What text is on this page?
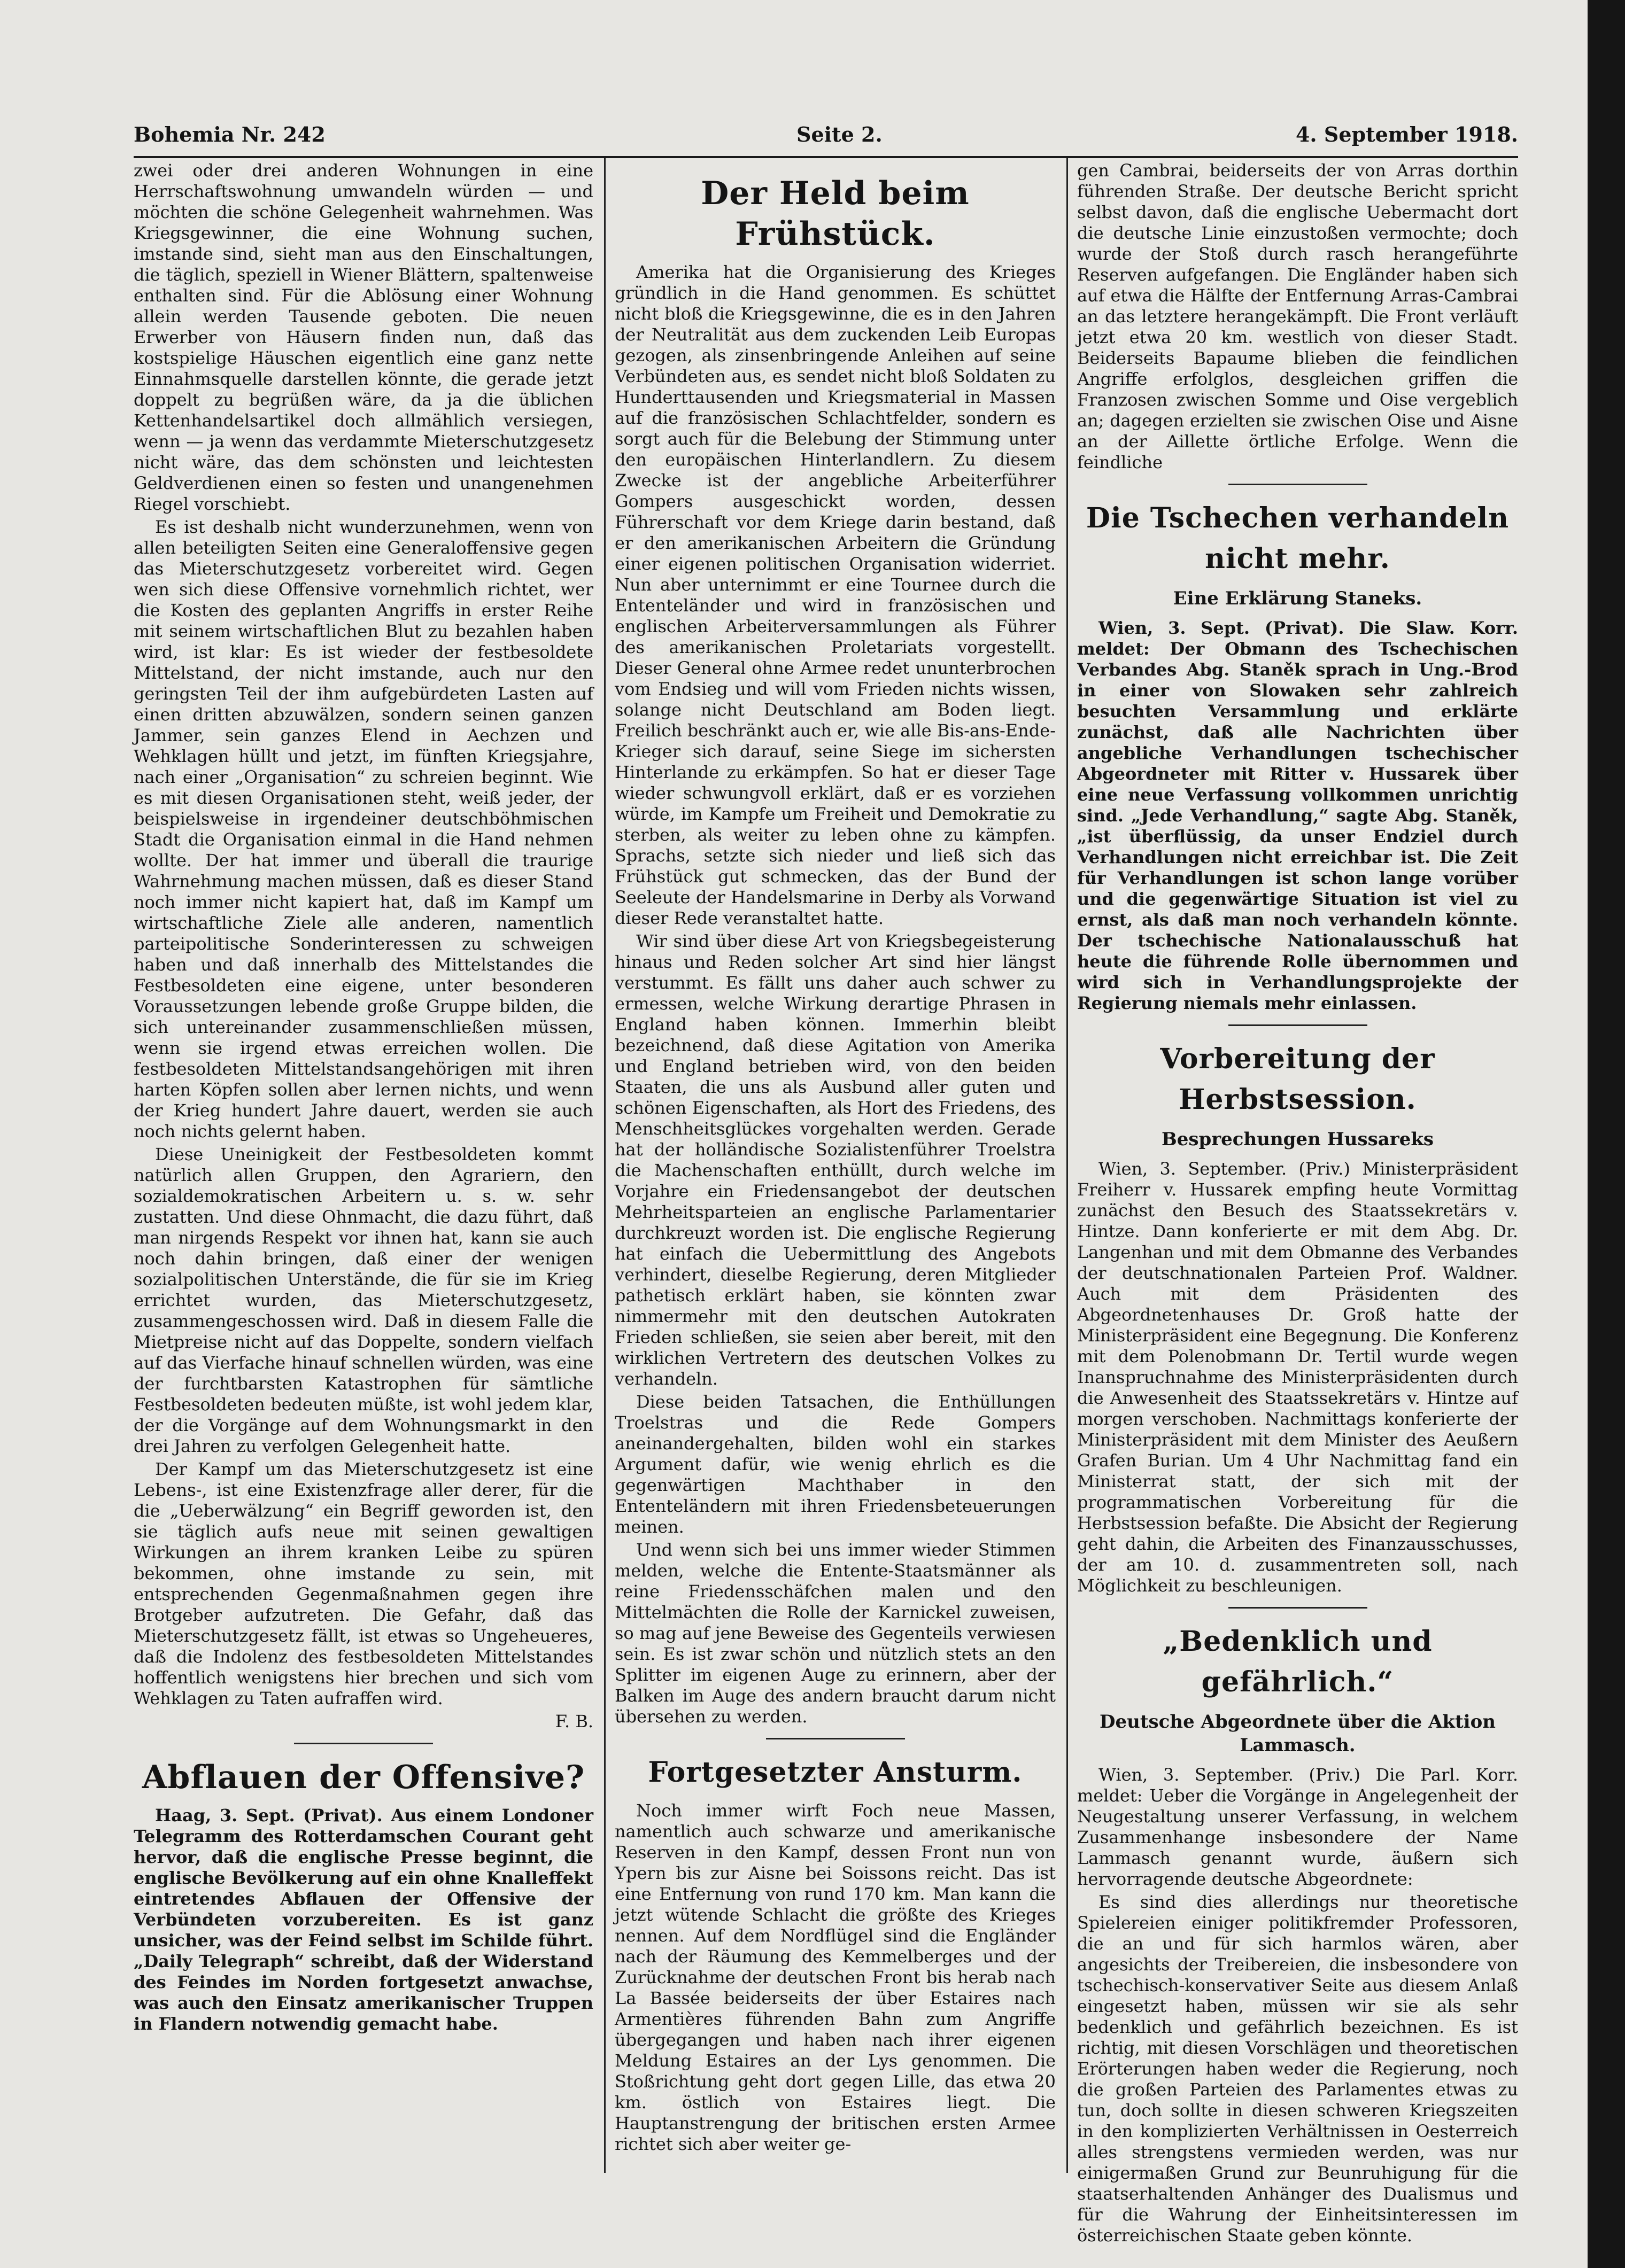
Bohemia Nr. 242	Seite 2.	4. September 1918.

zwei oder drei anderen Wohnungen in eine Herrschaftswohnung umwandeln würden — und möchten die schöne Gelegenheit wahrnehmen. Was Kriegsgewinner, die eine Wohnung suchen, imstande sind, sieht man aus den Einschaltungen, die täglich, speziell in Wiener Blättern, spaltenweise enthalten sind. Für die Ablösung einer Wohnung allein werden Tausende geboten. Die neuen Erwerber von Häusern finden nun, daß das kostspielige Häuschen eigentlich eine ganz nette Einnahmsquelle darstellen könnte, die gerade jetzt doppelt zu begrüßen wäre, da ja die üblichen Kettenhandelsartikel doch allmählich versiegen, wenn — ja wenn das verdammte Mieterschutzgesetz nicht wäre, das dem schönsten und leichtesten Geldverdienen einen so festen und unangenehmen Riegel vorschiebt.

Es ist deshalb nicht wunderzunehmen, wenn von allen beteiligten Seiten eine Generaloffensive gegen das Mieterschutzgesetz vorbereitet wird. Gegen wen sich diese Offensive vornehmlich richtet, wer die Kosten des geplanten Angriffs in erster Reihe mit seinem wirtschaftlichen Blut zu bezahlen haben wird, ist klar: Es ist wieder der festbesoldete Mittelstand, der nicht imstande, auch nur den geringsten Teil der ihm aufgebürdeten Lasten auf einen dritten abzuwälzen, sondern seinen ganzen Jammer, sein ganzes Elend in Aechzen und Wehklagen hüllt und jetzt, im fünften Kriegsjahre, nach einer „Organisation“ zu schreien beginnt. Wie es mit diesen Organisationen steht, weiß jeder, der beispielsweise in irgendeiner deutschböhmischen Stadt die Organisation einmal in die Hand nehmen wollte. Der hat immer und überall die traurige Wahrnehmung machen müssen, daß es dieser Stand noch immer nicht kapiert hat, daß im Kampf um wirtschaftliche Ziele alle anderen, namentlich parteipolitische Sonderinteressen zu schweigen haben und daß innerhalb des Mittelstandes die Festbesoldeten eine eigene, unter besonderen Voraussetzungen lebende große Gruppe bilden, die sich untereinander zusammenschließen müssen, wenn sie irgend etwas erreichen wollen. Die festbesoldeten Mittelstandsangehörigen mit ihren harten Köpfen sollen aber lernen nichts, und wenn der Krieg hundert Jahre dauert, werden sie auch noch nichts gelernt haben.

Diese Uneinigkeit der Festbesoldeten kommt natürlich allen Gruppen, den Agrariern, den sozialdemokratischen Arbeitern u. s. w. sehr zustatten. Und diese Ohnmacht, die dazu führt, daß man nirgends Respekt vor ihnen hat, kann sie auch noch dahin bringen, daß einer der wenigen sozialpolitischen Unterstände, die für sie im Krieg errichtet wurden, das Mieterschutzgesetz, zusammengeschossen wird. Daß in diesem Falle die Mietpreise nicht auf das Doppelte, sondern vielfach auf das Vierfache hinauf schnellen würden, was eine der furchtbarsten Katastrophen für sämtliche Festbesoldeten bedeuten müßte, ist wohl jedem klar, der die Vorgänge auf dem Wohnungsmarkt in den drei Jahren zu verfolgen Gelegenheit hatte.

Der Kampf um das Mieterschutzgesetz ist eine Lebens-, ist eine Existenzfrage aller derer, für die die „Ueberwälzung“ ein Begriff geworden ist, den sie täglich aufs neue mit seinen gewaltigen Wirkungen an ihrem kranken Leibe zu spüren bekommen, ohne imstande zu sein, mit entsprechenden Gegenmaßnahmen gegen ihre Brotgeber aufzutreten. Die Gefahr, daß das Mieterschutzgesetz fällt, ist etwas so Ungeheueres, daß die Indolenz des festbesoldeten Mittelstandes hoffentlich wenigstens hier brechen und sich vom Wehklagen zu Taten aufraffen wird.

F. B.
Abflauen der Offensive?

Haag, 3. Sept. (Privat). Aus einem Londoner Telegramm des Rotterdamschen Courant geht hervor, daß die englische Presse beginnt, die englische Bevölkerung auf ein ohne Knalleffekt eintretendes Abflauen der Offensive der Verbündeten vorzubereiten. Es ist ganz unsicher, was der Feind selbst im Schilde führt. „Daily Telegraph“ schreibt, daß der Widerstand des Feindes im Norden fortgesetzt anwachse, was auch den Einsatz amerikanischer Truppen in Flandern notwendig gemacht habe.

Der Held beim Frühstück.

Amerika hat die Organisierung des Krieges gründlich in die Hand genommen. Es schüttet nicht bloß die Kriegsgewinne, die es in den Jahren der Neutralität aus dem zuckenden Leib Europas gezogen, als zinsenbringende Anleihen auf seine Verbündeten aus, es sendet nicht bloß Soldaten zu Hunderttausenden und Kriegsmaterial in Massen auf die französischen Schlachtfelder, sondern es sorgt auch für die Belebung der Stimmung unter den europäischen Hinterlandlern. Zu diesem Zwecke ist der angebliche Arbeiterführer Gompers ausgeschickt worden, dessen Führerschaft vor dem Kriege darin bestand, daß er den amerikanischen Arbeitern die Gründung einer eigenen politischen Organisation widerriet. Nun aber unternimmt er eine Tournee durch die Ententeländer und wird in französischen und englischen Arbeiterversammlungen als Führer des amerikanischen Proletariats vorgestellt. Dieser General ohne Armee redet ununterbrochen vom Endsieg und will vom Frieden nichts wissen, solange nicht Deutschland am Boden liegt. Freilich beschränkt auch er, wie alle Bis-ans-Ende-Krieger sich darauf, seine Siege im sichersten Hinterlande zu erkämpfen. So hat er dieser Tage wieder schwungvoll erklärt, daß er es vorziehen würde, im Kampfe um Freiheit und Demokratie zu sterben, als weiter zu leben ohne zu kämpfen. Sprachs, setzte sich nieder und ließ sich das Frühstück gut schmecken, das der Bund der Seeleute der Handelsmarine in Derby als Vorwand dieser Rede veranstaltet hatte.

Wir sind über diese Art von Kriegsbegeisterung hinaus und Reden solcher Art sind hier längst verstummt. Es fällt uns daher auch schwer zu ermessen, welche Wirkung derartige Phrasen in England haben können. Immerhin bleibt bezeichnend, daß diese Agitation von Amerika und England betrieben wird, von den beiden Staaten, die uns als Ausbund aller guten und schönen Eigenschaften, als Hort des Friedens, des Menschheitsglückes vorgehalten werden. Gerade hat der holländische Sozialistenführer Troelstra die Machenschaften enthüllt, durch welche im Vorjahre ein Friedensangebot der deutschen Mehrheitsparteien an englische Parlamentarier durchkreuzt worden ist. Die englische Regierung hat einfach die Uebermittlung des Angebots verhindert, dieselbe Regierung, deren Mitglieder pathetisch erklärt haben, sie könnten zwar nimmermehr mit den deutschen Autokraten Frieden schließen, sie seien aber bereit, mit den wirklichen Vertretern des deutschen Volkes zu verhandeln.

Diese beiden Tatsachen, die Enthüllungen Troelstras und die Rede Gompers aneinandergehalten, bilden wohl ein starkes Argument dafür, wie wenig ehrlich es die gegenwärtigen Machthaber in den Ententeländern mit ihren Friedensbeteuerungen meinen.

Und wenn sich bei uns immer wieder Stimmen melden, welche die Entente-Staatsmänner als reine Friedensschäfchen malen und den Mittelmächten die Rolle der Karnickel zuweisen, so mag auf jene Beweise des Gegenteils verwiesen sein. Es ist zwar schön und nützlich stets an den Splitter im eigenen Auge zu erinnern, aber der Balken im Auge des andern braucht darum nicht übersehen zu werden.

Fortgesetzter Ansturm.

Noch immer wirft Foch neue Massen, namentlich auch schwarze und amerikanische Reserven in den Kampf, dessen Front nun von Ypern bis zur Aisne bei Soissons reicht. Das ist eine Entfernung von rund 170 km. Man kann die jetzt wütende Schlacht die größte des Krieges nennen. Auf dem Nordflügel sind die Engländer nach der Räumung des Kemmelberges und der Zurücknahme der deutschen Front bis herab nach La Bassée beiderseits der über Estaires nach Armentières führenden Bahn zum Angriffe übergegangen und haben nach ihrer eigenen Meldung Estaires an der Lys genommen. Die Stoßrichtung geht dort gegen Lille, das etwa 20 km. östlich von Estaires liegt. Die Hauptanstrengung der britischen ersten Armee richtet sich aber weiter ge-

gen Cambrai, beiderseits der von Arras dorthin führenden Straße. Der deutsche Bericht spricht selbst davon, daß die englische Uebermacht dort die deutsche Linie einzustoßen vermochte; doch wurde der Stoß durch rasch herangeführte Reserven aufgefangen. Die Engländer haben sich auf etwa die Hälfte der Entfernung Arras-Cambrai an das letztere herangekämpft. Die Front verläuft jetzt etwa 20 km. westlich von dieser Stadt. Beiderseits Bapaume blieben die feindlichen Angriffe erfolglos, desgleichen griffen die Franzosen zwischen Somme und Oise vergeblich an; dagegen erzielten sie zwischen Oise und Aisne an der Aillette örtliche Erfolge. Wenn die feindliche

Die Tschechen verhandeln nicht mehr.
Eine Erklärung Staneks.

Wien, 3. Sept. (Privat). Die Slaw. Korr. meldet: Der Obmann des Tschechischen Verbandes Abg. Staněk sprach in Ung.-Brod in einer von Slowaken sehr zahlreich besuchten Versammlung und erklärte zunächst, daß alle Nachrichten über angebliche Verhandlungen tschechischer Abgeordneter mit Ritter v. Hussarek über eine neue Verfassung vollkommen unrichtig sind. „Jede Verhandlung,“ sagte Abg. Staněk, „ist überflüssig, da unser Endziel durch Verhandlungen nicht erreichbar ist. Die Zeit für Verhandlungen ist schon lange vorüber und die gegenwärtige Situation ist viel zu ernst, als daß man noch verhandeln könnte. Der tschechische Nationalausschuß hat heute die führende Rolle übernommen und wird sich in Verhandlungsprojekte der Regierung niemals mehr einlassen.

Vorbereitung der Herbstsession.
Besprechungen Hussareks

Wien, 3. September. (Priv.) Ministerpräsident Freiherr v. Hussarek empfing heute Vormittag zunächst den Besuch des Staatssekretärs v. Hintze. Dann konferierte er mit dem Abg. Dr. Langenhan und mit dem Obmanne des Verbandes der deutschnationalen Parteien Prof. Waldner. Auch mit dem Präsidenten des Abgeordnetenhauses Dr. Groß hatte der Ministerpräsident eine Begegnung. Die Konferenz mit dem Polenobmann Dr. Tertil wurde wegen Inanspruchnahme des Ministerpräsidenten durch die Anwesenheit des Staatssekretärs v. Hintze auf morgen verschoben. Nachmittags konferierte der Ministerpräsident mit dem Minister des Aeußern Grafen Burian. Um 4 Uhr Nachmittag fand ein Ministerrat statt, der sich mit der programmatischen Vorbereitung für die Herbstsession befaßte. Die Absicht der Regierung geht dahin, die Arbeiten des Finanzausschusses, der am 10. d. zusammentreten soll, nach Möglichkeit zu beschleunigen.

„Bedenklich und gefährlich.“
Deutsche Abgeordnete über die Aktion Lammasch.

Wien, 3. September. (Priv.) Die Parl. Korr. meldet: Ueber die Vorgänge in Angelegenheit der Neugestaltung unserer Verfassung, in welchem Zusammenhange insbesondere der Name Lammasch genannt wurde, äußern sich hervorragende deutsche Abgeordnete:

Es sind dies allerdings nur theoretische Spielereien einiger politikfremder Professoren, die an und für sich harmlos wären, aber angesichts der Treibereien, die insbesondere von tschechisch-konservativer Seite aus diesem Anlaß eingesetzt haben, müssen wir sie als sehr bedenklich und gefährlich bezeichnen. Es ist richtig, mit diesen Vorschlägen und theoretischen Erörterungen haben weder die Regierung, noch die großen Parteien des Parlamentes etwas zu tun, doch sollte in diesen schweren Kriegszeiten in den komplizierten Verhältnissen in Oesterreich alles strengstens vermieden werden, was nur einigermaßen Grund zur Beunruhigung für die staatserhaltenden Anhänger des Dualismus und für die Wahrung der Einheitsinteressen im österreichischen Staate geben könnte.
